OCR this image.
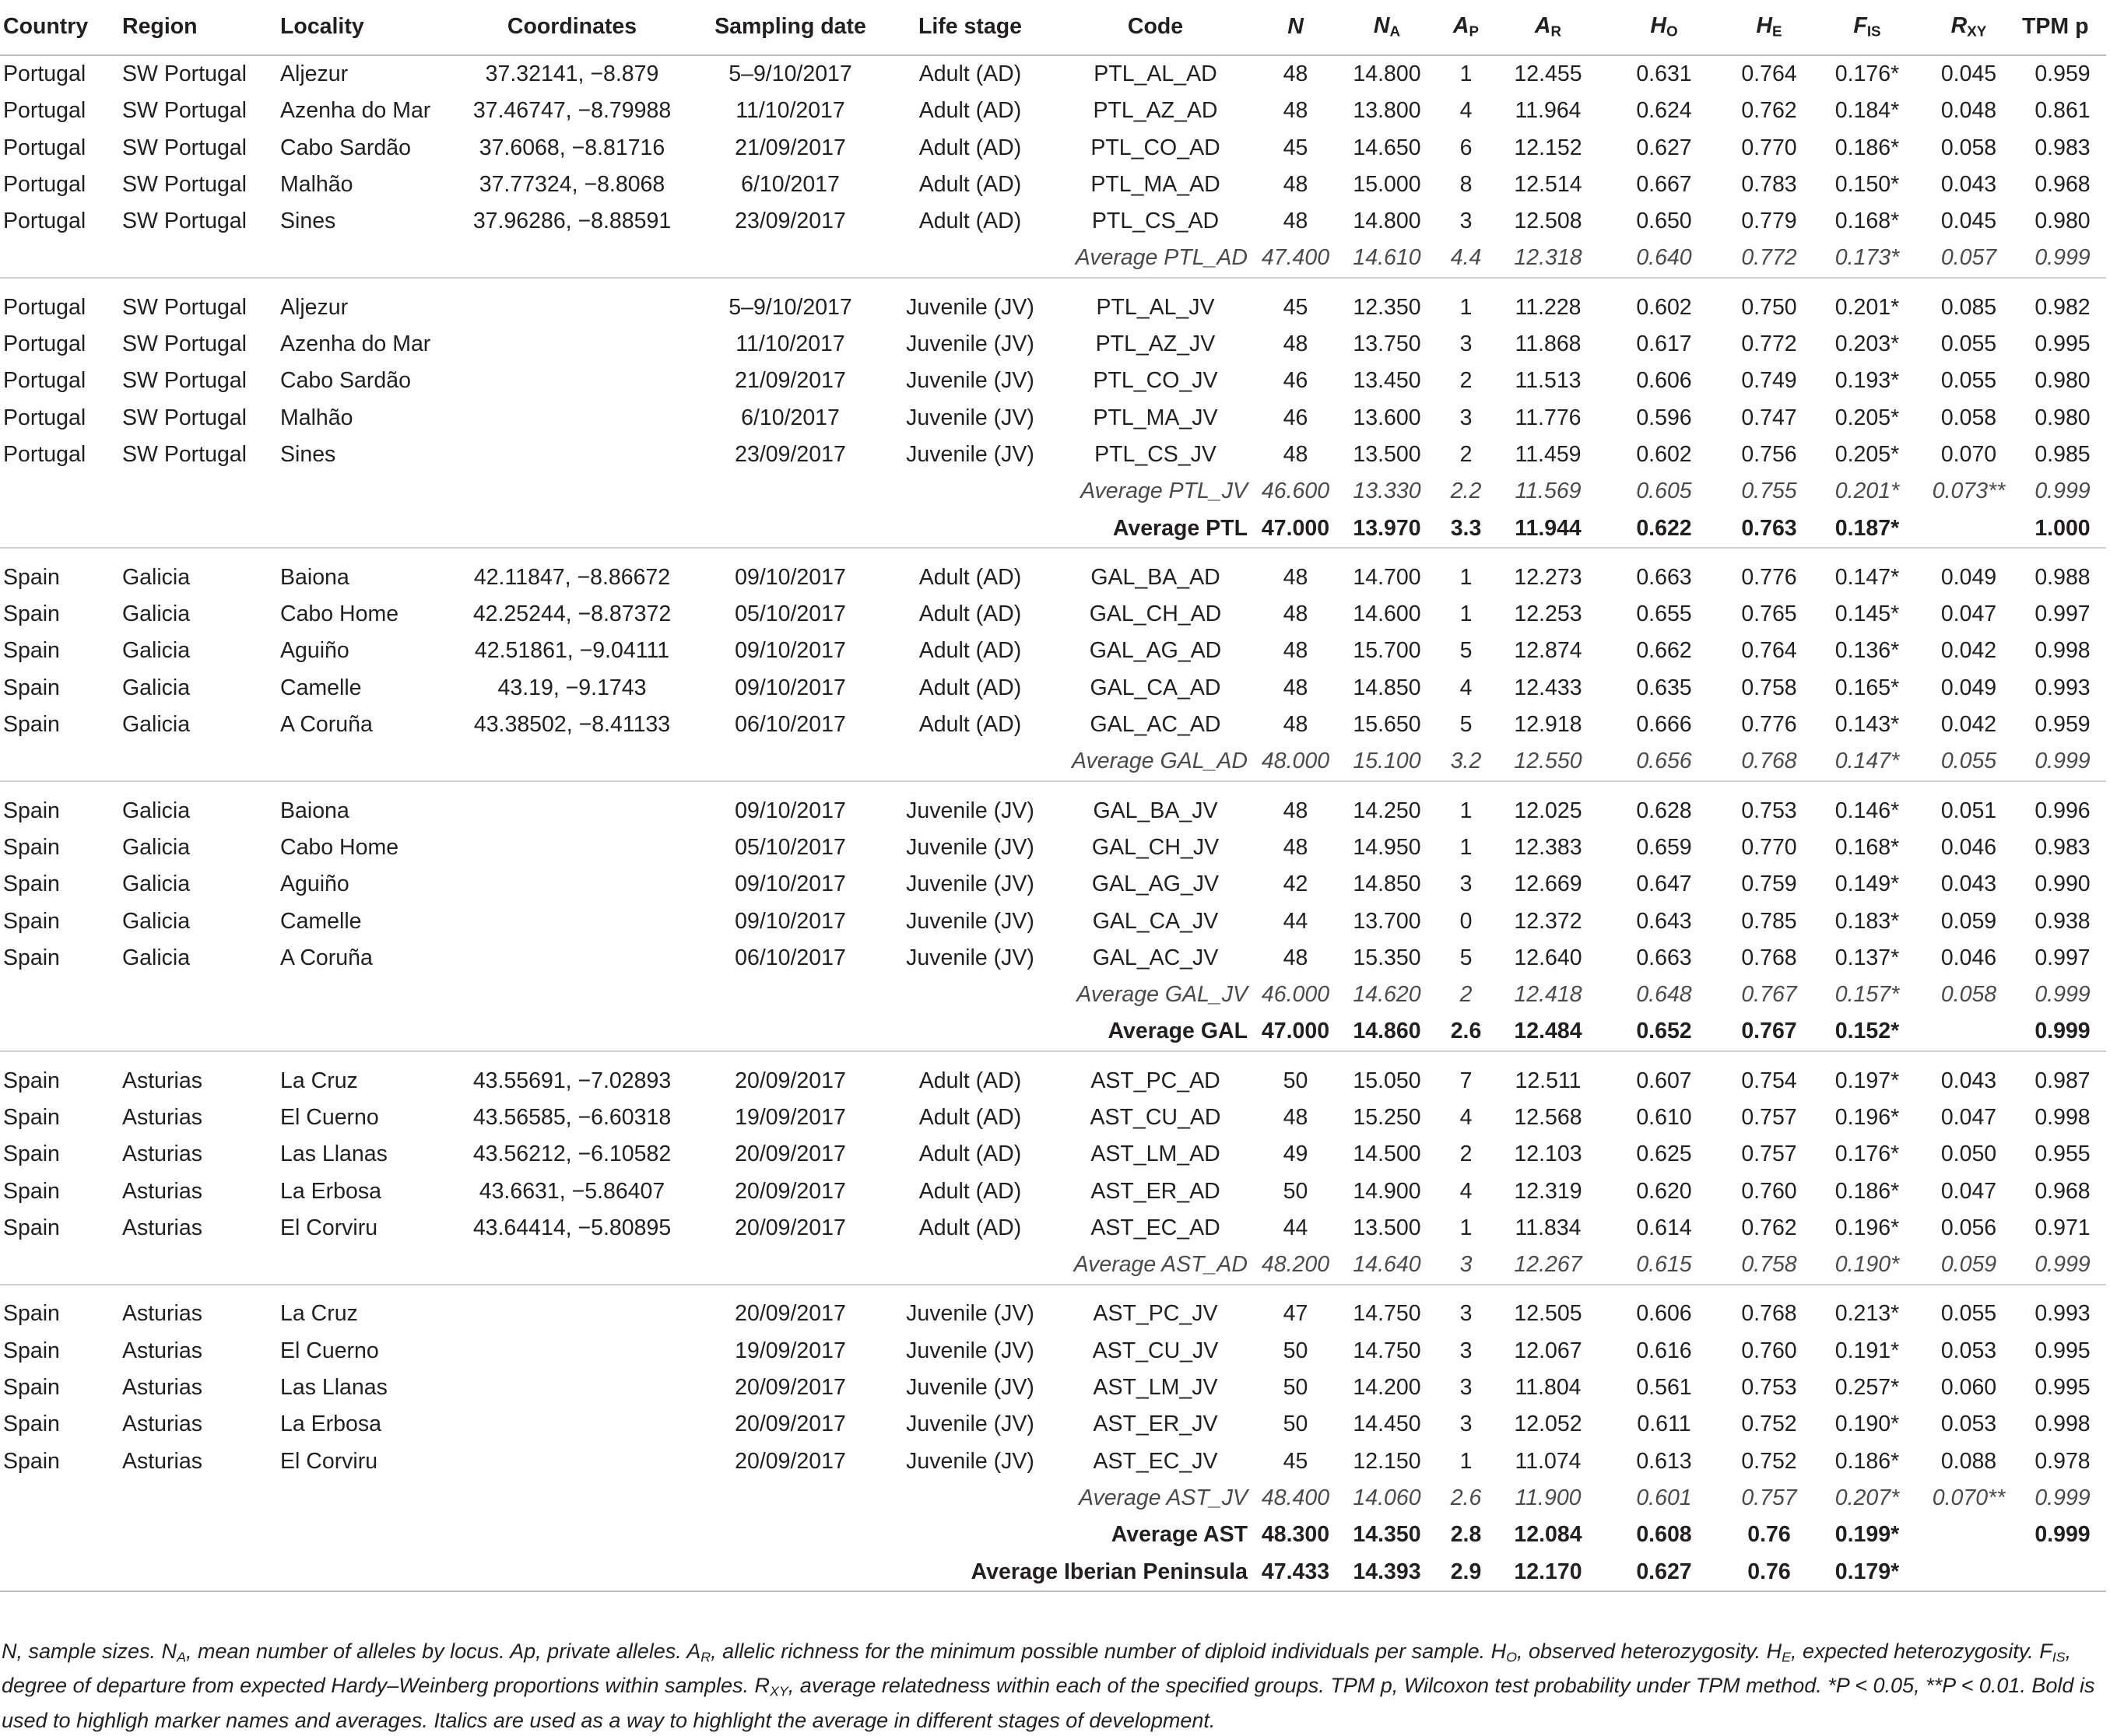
Country	Region	Locality	Coordinates	Sampling date	Life stage	Code	N	$N_A$	$A_P$	$A_R$	$H_O$	$H_E$	$F_{IS}$	$R_{XY}$	TPM p
Portugal	SW Portugal	Aljezur	37.32141, −8.879	5–9/10/2017	Adult (AD)	PTL_AL_AD	48	14.800	1	12.455	0.631	0.764	0.176*	0.045	0.959
Portugal	SW Portugal	Azenha do Mar	37.46747, −8.79988	11/10/2017	Adult (AD)	PTL_AZ_AD	48	13.800	4	11.964	0.624	0.762	0.184*	0.048	0.861
Portugal	SW Portugal	Cabo Sardão	37.6068, −8.81716	21/09/2017	Adult (AD)	PTL_CO_AD	45	14.650	6	12.152	0.627	0.770	0.186*	0.058	0.983
Portugal	SW Portugal	Malhão	37.77324, −8.8068	6/10/2017	Adult (AD)	PTL_MA_AD	48	15.000	8	12.514	0.667	0.783	0.150*	0.043	0.968
Portugal	SW Portugal	Sines	37.96286, −8.88591	23/09/2017	Adult (AD)	PTL_CS_AD	48	14.800	3	12.508	0.650	0.779	0.168*	0.045	0.980
Average PTL_AD							47.400	14.610	4.4	12.318	0.640	0.772	0.173*	0.057	0.999

Portugal	SW Portugal	Aljezur		5–9/10/2017	Juvenile (JV)	PTL_AL_JV	45	12.350	1	11.228	0.602	0.750	0.201*	0.085	0.982
Portugal	SW Portugal	Azenha do Mar		11/10/2017	Juvenile (JV)	PTL_AZ_JV	48	13.750	3	11.868	0.617	0.772	0.203*	0.055	0.995
Portugal	SW Portugal	Cabo Sardão		21/09/2017	Juvenile (JV)	PTL_CO_JV	46	13.450	2	11.513	0.606	0.749	0.193*	0.055	0.980
Portugal	SW Portugal	Malhão		6/10/2017	Juvenile (JV)	PTL_MA_JV	46	13.600	3	11.776	0.596	0.747	0.205*	0.058	0.980
Portugal	SW Portugal	Sines		23/09/2017	Juvenile (JV)	PTL_CS_JV	48	13.500	2	11.459	0.602	0.756	0.205*	0.070	0.985
Average PTL_JV							46.600	13.330	2.2	11.569	0.605	0.755	0.201*	0.073**	0.999
Average PTL							47.000	13.970	3.3	11.944	0.622	0.763	0.187*		1.000

Spain	Galicia	Baiona	42.11847, −8.86672	09/10/2017	Adult (AD)	GAL_BA_AD	48	14.700	1	12.273	0.663	0.776	0.147*	0.049	0.988
Spain	Galicia	Cabo Home	42.25244, −8.87372	05/10/2017	Adult (AD)	GAL_CH_AD	48	14.600	1	12.253	0.655	0.765	0.145*	0.047	0.997
Spain	Galicia	Aguiño	42.51861, −9.04111	09/10/2017	Adult (AD)	GAL_AG_AD	48	15.700	5	12.874	0.662	0.764	0.136*	0.042	0.998
Spain	Galicia	Camelle	43.19, −9.1743	09/10/2017	Adult (AD)	GAL_CA_AD	48	14.850	4	12.433	0.635	0.758	0.165*	0.049	0.993
Spain	Galicia	A Coruña	43.38502, −8.41133	06/10/2017	Adult (AD)	GAL_AC_AD	48	15.650	5	12.918	0.666	0.776	0.143*	0.042	0.959
Average GAL_AD							48.000	15.100	3.2	12.550	0.656	0.768	0.147*	0.055	0.999

Spain	Galicia	Baiona		09/10/2017	Juvenile (JV)	GAL_BA_JV	48	14.250	1	12.025	0.628	0.753	0.146*	0.051	0.996
Spain	Galicia	Cabo Home		05/10/2017	Juvenile (JV)	GAL_CH_JV	48	14.950	1	12.383	0.659	0.770	0.168*	0.046	0.983
Spain	Galicia	Aguiño		09/10/2017	Juvenile (JV)	GAL_AG_JV	42	14.850	3	12.669	0.647	0.759	0.149*	0.043	0.990
Spain	Galicia	Camelle		09/10/2017	Juvenile (JV)	GAL_CA_JV	44	13.700	0	12.372	0.643	0.785	0.183*	0.059	0.938
Spain	Galicia	A Coruña		06/10/2017	Juvenile (JV)	GAL_AC_JV	48	15.350	5	12.640	0.663	0.768	0.137*	0.046	0.997
Average GAL_JV							46.000	14.620	2	12.418	0.648	0.767	0.157*	0.058	0.999
Average GAL							47.000	14.860	2.6	12.484	0.652	0.767	0.152*		0.999

Spain	Asturias	La Cruz	43.55691, −7.02893	20/09/2017	Adult (AD)	AST_PC_AD	50	15.050	7	12.511	0.607	0.754	0.197*	0.043	0.987
Spain	Asturias	El Cuerno	43.56585, −6.60318	19/09/2017	Adult (AD)	AST_CU_AD	48	15.250	4	12.568	0.610	0.757	0.196*	0.047	0.998
Spain	Asturias	Las Llanas	43.56212, −6.10582	20/09/2017	Adult (AD)	AST_LM_AD	49	14.500	2	12.103	0.625	0.757	0.176*	0.050	0.955
Spain	Asturias	La Erbosa	43.6631, −5.86407	20/09/2017	Adult (AD)	AST_ER_AD	50	14.900	4	12.319	0.620	0.760	0.186*	0.047	0.968
Spain	Asturias	El Corviru	43.64414, −5.80895	20/09/2017	Adult (AD)	AST_EC_AD	44	13.500	1	11.834	0.614	0.762	0.196*	0.056	0.971
Average AST_AD							48.200	14.640	3	12.267	0.615	0.758	0.190*	0.059	0.999

Spain	Asturias	La Cruz		20/09/2017	Juvenile (JV)	AST_PC_JV	47	14.750	3	12.505	0.606	0.768	0.213*	0.055	0.993
Spain	Asturias	El Cuerno		19/09/2017	Juvenile (JV)	AST_CU_JV	50	14.750	3	12.067	0.616	0.760	0.191*	0.053	0.995
Spain	Asturias	Las Llanas		20/09/2017	Juvenile (JV)	AST_LM_JV	50	14.200	3	11.804	0.561	0.753	0.257*	0.060	0.995
Spain	Asturias	La Erbosa		20/09/2017	Juvenile (JV)	AST_ER_JV	50	14.450	3	12.052	0.611	0.752	0.190*	0.053	0.998
Spain	Asturias	El Corviru		20/09/2017	Juvenile (JV)	AST_EC_JV	45	12.150	1	11.074	0.613	0.752	0.186*	0.088	0.978
Average AST_JV							48.400	14.060	2.6	11.900	0.601	0.757	0.207*	0.070**	0.999
Average AST							48.300	14.350	2.8	12.084	0.608	0.76	0.199*		0.999
Average Iberian Peninsula							47.433	14.393	2.9	12.170	0.627	0.76	0.179*		
N, sample sizes. $N_A$, mean number of alleles by locus. Ap, private alleles. $A_R$, allelic richness for the minimum possible number of diploid individuals per sample. $H_O$, observed heterozygosity. $H_E$, expected heterozygosity. $F_{IS}$, degree of departure from expected Hardy–Weinberg proportions within samples. $R_{XY}$, average relatedness within each of the specified groups. TPM p, Wilcoxon test probability under TPM method. *P < 0.05, **P < 0.01. Bold is used to highligh marker names and averages. Italics are used as a way to highlight the average in different stages of development.
